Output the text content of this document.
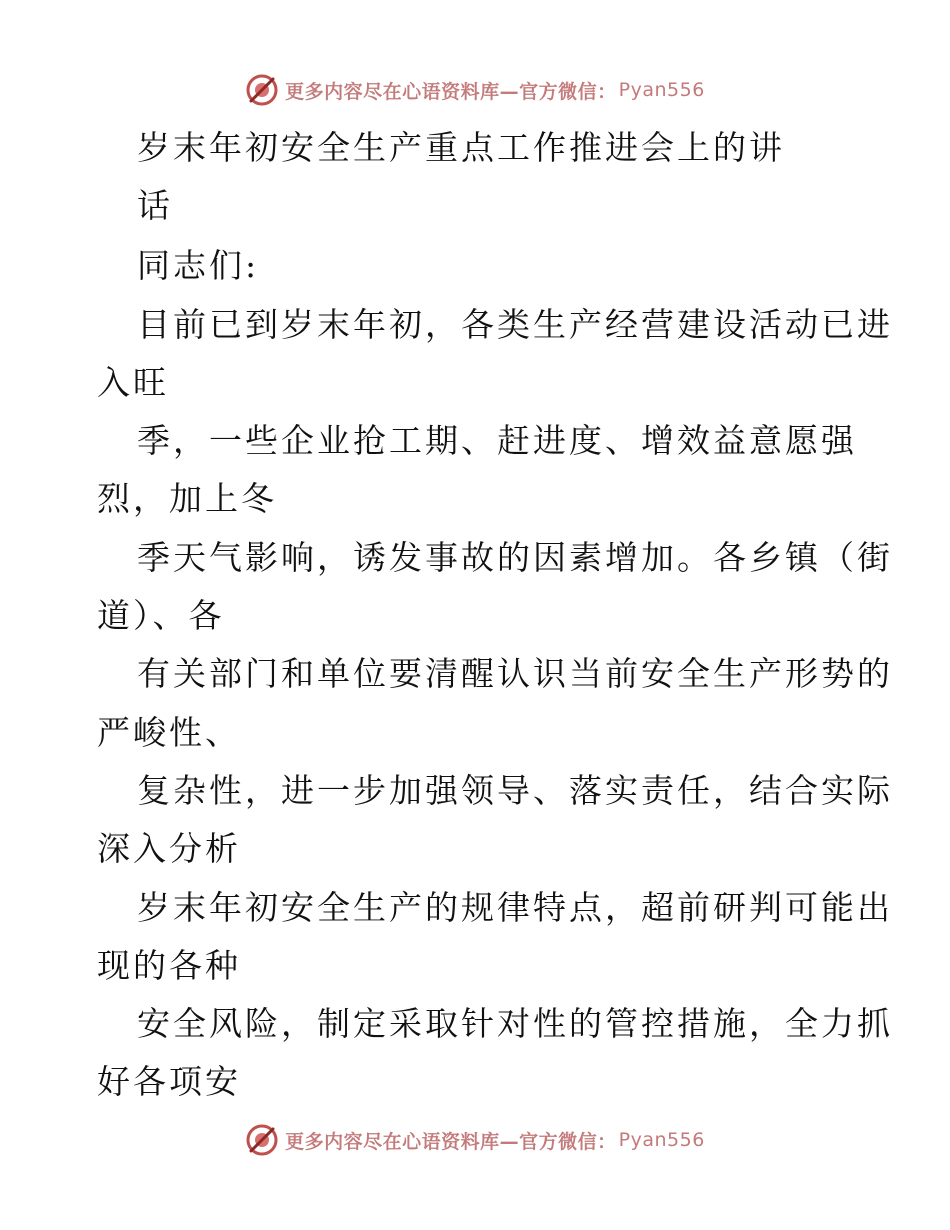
更多内容尽在心语资料库—官方微信： Pyan556
岁末年初安全生产重点工作推进会上的讲
话
同志们:
目前已到岁末年初，各类生产经营建设活动已进
入旺
季，一些企业抢工期、赶进度、增效益意愿强
烈，加上冬
季天气影响，诱发事故的因素增加。各乡镇（街
道）、各
有关部门和单位要清醒认识当前安全生产形势的
严峻性、
复杂性，进一步加强领导、落实责任，结合实际
深入分析
岁末年初安全生产的规律特点，超前研判可能出
现的各种
安全风险，制定采取针对性的管控措施，全力抓
好各项安
更多内容尽在心语资料库—官方微信： Pyan556
